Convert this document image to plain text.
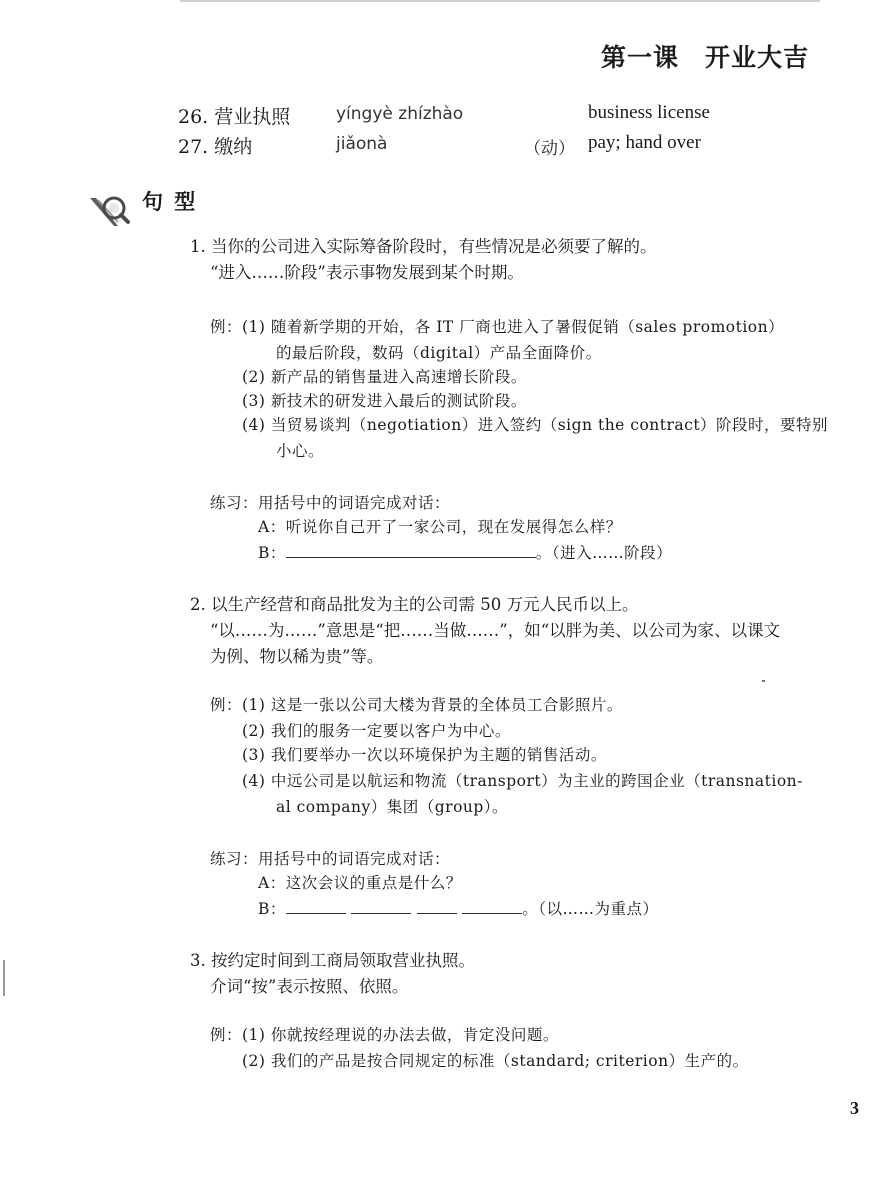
第一课　开业大吉
26. 营业执照	yíngyè zhízhào	business license
27. 缴纳	jiǎonà	（动） pay; hand over
句 型
1. 当你的公司进入实际筹备阶段时，有些情况是必须要了解的。
“进入……阶段”表示事物发展到某个时期。
例：(1) 随着新学期的开始，各 IT 厂商也进入了暑假促销（sales promotion）
的最后阶段，数码（digital）产品全面降价。
(2) 新产品的销售量进入高速增长阶段。
(3) 新技术的研发进入最后的测试阶段。
(4) 当贸易谈判（negotiation）进入签约（sign the contract）阶段时，要特别
小心。
练习：用括号中的词语完成对话：
A：听说你自己开了一家公司，现在发展得怎么样？
B：	。（进入……阶段）
2. 以生产经营和商品批发为主的公司需 50 万元人民币以上。
“以……为……”意思是“把……当做……”，如“以胖为美、以公司为家、以课文
为例、物以稀为贵”等。
例：(1) 这是一张以公司大楼为背景的全体员工合影照片。
(2) 我们的服务一定要以客户为中心。
(3) 我们要举办一次以环境保护为主题的销售活动。
(4) 中远公司是以航运和物流（transport）为主业的跨国企业（transnation-
al company）集团（group）。
练习：用括号中的词语完成对话：
A：这次会议的重点是什么？
B：	。（以……为重点）
3. 按约定时间到工商局领取营业执照。
介词“按”表示按照、依照。
例：(1) 你就按经理说的办法去做，肯定没问题。
(2) 我们的产品是按合同规定的标准（standard; criterion）生产的。
3
